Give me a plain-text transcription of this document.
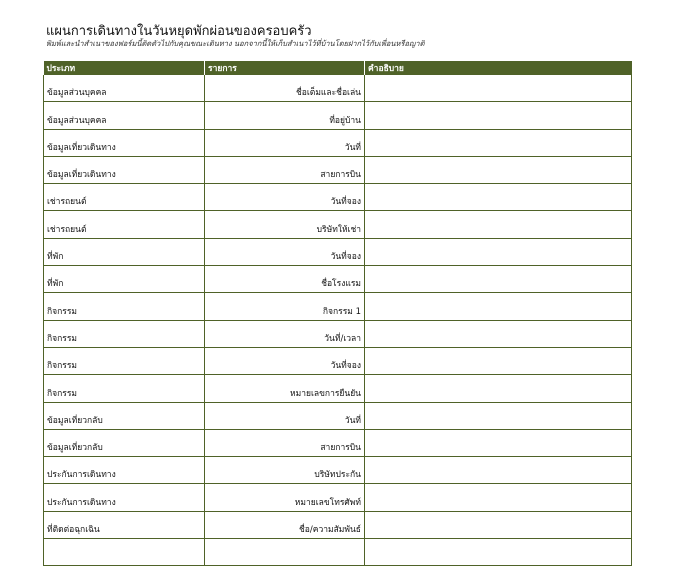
แผนการเดินทางในวันหยุดพักผ่อนของครอบครัว
พิมพ์และนำสำเนาของฟอร์มนี้ติดตัวไปกับคุณขณะเดินทาง นอกจากนี้ให้เก็บสำเนาไว้ที่บ้านโดยฝากไว้กับเพื่อนหรือญาติ
ประเภท	รายการ	คำอธิบาย
ข้อมูลส่วนบุคคล	ชื่อเต็มและชื่อเล่น	
ข้อมูลส่วนบุคคล	ที่อยู่บ้าน	
ข้อมูลเที่ยวเดินทาง	วันที่	
ข้อมูลเที่ยวเดินทาง	สายการบิน	
เช่ารถยนต์	วันที่จอง	
เช่ารถยนต์	บริษัทให้เช่า	
ที่พัก	วันที่จอง	
ที่พัก	ชื่อโรงแรม	
กิจกรรม	กิจกรรม 1	
กิจกรรม	วันที่/เวลา	
กิจกรรม	วันที่จอง	
กิจกรรม	หมายเลขการยืนยัน	
ข้อมูลเที่ยวกลับ	วันที่	
ข้อมูลเที่ยวกลับ	สายการบิน	
ประกันการเดินทาง	บริษัทประกัน	
ประกันการเดินทาง	หมายเลขโทรศัพท์	
ที่ติดต่อฉุกเฉิน	ชื่อ/ความสัมพันธ์	
